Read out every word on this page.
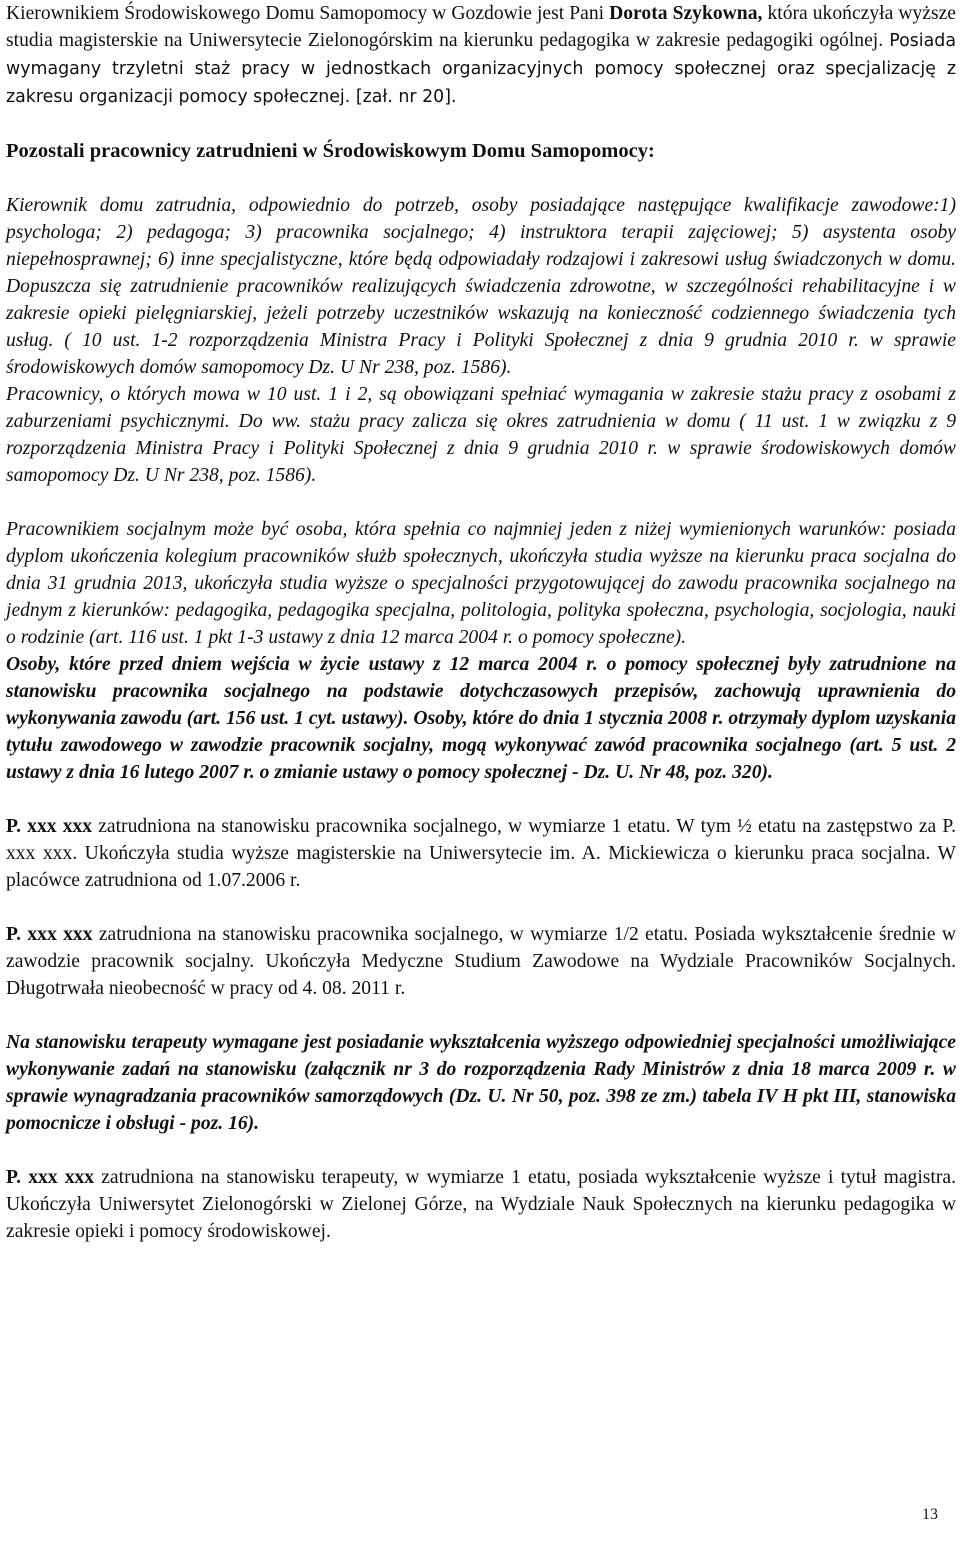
Kierownikiem Środowiskowego Domu Samopomocy w Gozdowie jest Pani Dorota Szykowna, która ukończyła wyższe studia magisterskie na Uniwersytecie Zielonogórskim na kierunku pedagogika w zakresie pedagogiki ogólnej. Posiada wymagany trzyletni staż pracy w jednostkach organizacyjnych pomocy społecznej oraz specjalizację z zakresu organizacji pomocy społecznej. [zał. nr 20].

Pozostali pracownicy zatrudnieni w Środowiskowym Domu Samopomocy:

Kierownik domu zatrudnia, odpowiednio do potrzeb, osoby posiadające następujące kwalifikacje zawodowe:1) psychologa; 2) pedagoga; 3) pracownika socjalnego; 4) instruktora terapii zajęciowej; 5) asystenta osoby niepełnosprawnej; 6) inne specjalistyczne, które będą odpowiadały rodzajowi i zakresowi usług świadczonych w domu. Dopuszcza się zatrudnienie pracowników realizujących świadczenia zdrowotne, w szczególności rehabilitacyjne i w zakresie opieki pielęgniarskiej, jeżeli potrzeby uczestników wskazują na konieczność codziennego świadczenia tych usług. ( 10 ust. 1-2 rozporządzenia Ministra Pracy i Polityki Społecznej z dnia 9 grudnia 2010 r. w sprawie środowiskowych domów samopomocy Dz. U Nr 238, poz. 1586).

Pracownicy, o których mowa w 10 ust. 1 i 2, są obowiązani spełniać wymagania w zakresie stażu pracy z osobami z zaburzeniami psychicznymi. Do ww. stażu pracy zalicza się okres zatrudnienia w domu ( 11 ust. 1 w związku z 9 rozporządzenia Ministra Pracy i Polityki Społecznej z dnia 9 grudnia 2010 r. w sprawie środowiskowych domów samopomocy Dz. U Nr 238, poz. 1586).

Pracownikiem socjalnym może być osoba, która spełnia co najmniej jeden z niżej wymienionych warunków: posiada dyplom ukończenia kolegium pracowników służb społecznych, ukończyła studia wyższe na kierunku praca socjalna do dnia 31 grudnia 2013, ukończyła studia wyższe o specjalności przygotowującej do zawodu pracownika socjalnego na jednym z kierunków: pedagogika, pedagogika specjalna, politologia, polityka społeczna, psychologia, socjologia, nauki o rodzinie (art. 116 ust. 1 pkt 1-3 ustawy z dnia 12 marca 2004 r. o pomocy społeczne).

Osoby, które przed dniem wejścia w życie ustawy z 12 marca 2004 r. o pomocy społecznej były zatrudnione na stanowisku pracownika socjalnego na podstawie dotychczasowych przepisów, zachowują uprawnienia do wykonywania zawodu (art. 156 ust. 1 cyt. ustawy). Osoby, które do dnia 1 stycznia 2008 r. otrzymały dyplom uzyskania tytułu zawodowego w zawodzie pracownik socjalny, mogą wykonywać zawód pracownika socjalnego (art. 5 ust. 2 ustawy z dnia 16 lutego 2007 r. o zmianie ustawy o pomocy społecznej - Dz. U. Nr 48, poz. 320).

P. xxx xxx zatrudniona na stanowisku pracownika socjalnego, w wymiarze 1 etatu. W tym ½ etatu na zastępstwo za P. xxx xxx. Ukończyła studia wyższe magisterskie na Uniwersytecie im. A. Mickiewicza o kierunku praca socjalna. W placówce zatrudniona od 1.07.2006 r.

P. xxx xxx zatrudniona na stanowisku pracownika socjalnego, w wymiarze 1/2 etatu. Posiada wykształcenie średnie w zawodzie pracownik socjalny. Ukończyła Medyczne Studium Zawodowe na Wydziale Pracowników Socjalnych. Długotrwała nieobecność w pracy od 4. 08. 2011 r.

Na stanowisku terapeuty wymagane jest posiadanie wykształcenia wyższego odpowiedniej specjalności umożliwiające wykonywanie zadań na stanowisku (załącznik nr 3 do rozporządzenia Rady Ministrów z dnia 18 marca 2009 r. w sprawie wynagradzania pracowników samorządowych (Dz. U. Nr 50, poz. 398 ze zm.) tabela IV H pkt III, stanowiska pomocnicze i obsługi - poz. 16).

P. xxx xxx zatrudniona na stanowisku terapeuty, w wymiarze 1 etatu, posiada wykształcenie wyższe i tytuł magistra. Ukończyła Uniwersytet Zielonogórski w Zielonej Górze, na Wydziale Nauk Społecznych na kierunku pedagogika w zakresie opieki i pomocy środowiskowej.

13
